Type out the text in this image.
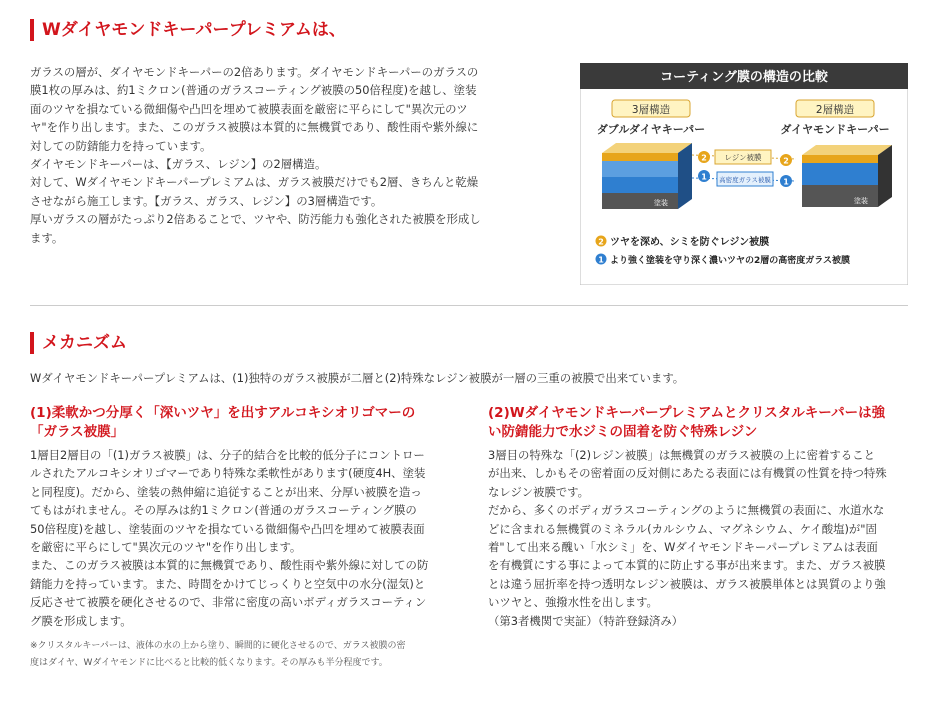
Wダイヤモンドキーパープレミアムは、
ガラスの層が、ダイヤモンドキーパーの2倍あります。ダイヤモンドキーパーのガラスの
膜1枚の厚みは、約1ミクロン(普通のガラスコーティング被膜の50倍程度)を越し、塗装
面のツヤを損なている微細傷や凸凹を埋めて被膜表面を厳密に平らにして"異次元のツ
ヤ"を作り出します。また、このガラス被膜は本質的に無機質であり、酸性雨や紫外線に
対しての防錆能力を持っています。
ダイヤモンドキーパーは、【ガラス、レジン】の2層構造。
対して、Wダイヤモンドキーパープレミアムは、ガラス被膜だけでも2層、きちんと乾燥
させながら施工します。【ガラス、ガラス、レジン】の3層構造です。
厚いガラスの層がたっぷり2倍あることで、ツヤや、防汚能力も強化された被膜を形成し
ます。
コーティング膜の構造の比較
3層構造
ダブルダイヤキーパー
2層構造
ダイヤモンドキーパー
塗装	塗装
レジン被膜
2	2
高密度ガラス被膜
1
1
2 ツヤを深め、シミを防ぐレジン被膜
1 より強く塗装を守り深く濃いツヤの2層の高密度ガラス被膜
メカニズム
Wダイヤモンドキーパープレミアムは、(1)独特のガラス被膜が二層と(2)特殊なレジン被膜が一層の三重の被膜で出来ています。
(1)柔軟かつ分厚く「深いツヤ」を出すアルコキシオリゴマーの
「ガラス被膜」
1層目2層目の「(1)ガラス被膜」は、分子的結合を比較的低分子にコントロー
ルされたアルコキシオリゴマーであり特殊な柔軟性があります(硬度4H、塗装
と同程度)。だから、塗装の熱伸縮に追従することが出来、分厚い被膜を造っ
てもはがれません。その厚みは約1ミクロン(普通のガラスコーティング膜の
50倍程度)を越し、塗装面のツヤを損なている微細傷や凸凹を埋めて被膜表面
を厳密に平らにして"異次元のツヤ"を作り出します。
また、このガラス被膜は本質的に無機質であり、酸性雨や紫外線に対しての防
錆能力を持っています。また、時間をかけてじっくりと空気中の水分(湿気)と
反応させて被膜を硬化させるので、非常に密度の高いボディガラスコーティン
グ膜を形成します。
※クリスタルキーパーは、液体の水の上から塗り、瞬間的に硬化させるので、ガラス被膜の密
度はダイヤ、Wダイヤモンドに比べると比較的低くなります。その厚みも半分程度です。
(2)Wダイヤモンドキーパープレミアムとクリスタルキーパーは強
い防錆能力で水ジミの固着を防ぐ特殊レジン
3層目の特殊な「(2)レジン被膜」は無機質のガラス被膜の上に密着すること
が出来、しかもその密着面の反対側にあたる表面には有機質の性質を持つ特殊
なレジン被膜です。
だから、多くのボディガラスコーティングのように無機質の表面に、水道水な
どに含まれる無機質のミネラル(カルシウム、マグネシウム、ケイ酸塩)が"固
着"して出来る醜い「水シミ」を、Wダイヤモンドキーパープレミアムは表面
を有機質にする事によって本質的に防止する事が出来ます。また、ガラス被膜
とは違う屈折率を持つ透明なレジン被膜は、ガラス被膜単体とは異質のより強
いツヤと、強撥水性を出します。
（第3者機関で実証）（特許登録済み）
